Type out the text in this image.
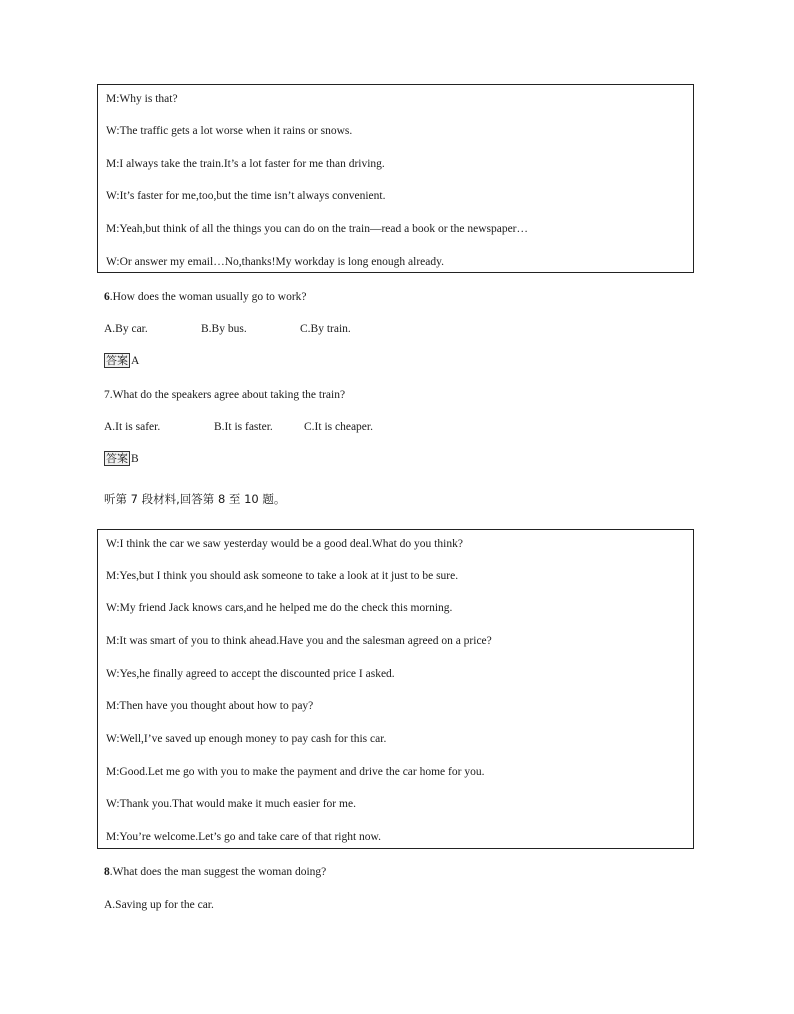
M:Why is that?
W:The traffic gets a lot worse when it rains or snows.
M:I always take the train.It’s a lot faster for me than driving.
W:It’s faster for me,too,but the time isn’t always convenient.
M:Yeah,but think of all the things you can do on the train—read a book or the newspaper…
W:Or answer my email…No,thanks!My workday is long enough already.
6.How does the woman usually go to work?
A.By car.	B.By bus.	C.By train.
答案 A
7.What do the speakers agree about taking the train?
A.It is safer.	B.It is faster.	C.It is cheaper.
答案 B
听第 7 段材料,回答第 8 至 10 题。
W:I think the car we saw yesterday would be a good deal.What do you think?
M:Yes,but I think you should ask someone to take a look at it just to be sure.
W:My friend Jack knows cars,and he helped me do the check this morning.
M:It was smart of you to think ahead.Have you and the salesman agreed on a price?
W:Yes,he finally agreed to accept the discounted price I asked.
M:Then have you thought about how to pay?
W:Well,I’ve saved up enough money to pay cash for this car.
M:Good.Let me go with you to make the payment and drive the car home for you.
W:Thank you.That would make it much easier for me.
M:You’re welcome.Let’s go and take care of that right now.
8.What does the man suggest the woman doing?
A.Saving up for the car.
